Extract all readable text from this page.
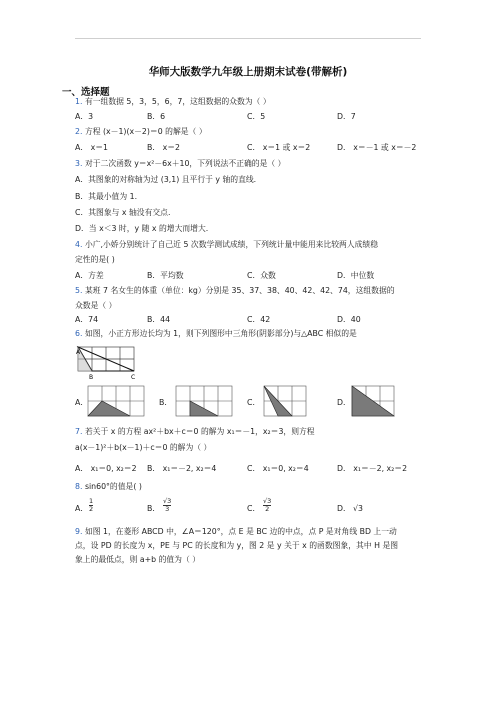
华师大版数学九年级上册期末试卷(带解析)
一、选择题
1. 有一组数据 5，3，5，6，7，这组数据的众数为（ ）
A．3	B．6	C．5	D．7
2. 方程 (x－1)(x－2)＝0 的解是（ ）
A． x＝1	B． x＝2	C． x＝1 或 x＝2	D． x＝－1 或 x＝－2
3. 对于二次函数 y＝x²－6x＋10，下列说法不正确的是（ ）
A．其图象的对称轴为过 (3,1) 且平行于 y 轴的直线.
B．其最小值为 1.
C．其图象与 x 轴没有交点.
D．当 x＜3 时，y 随 x 的增大而增大.
4. 小广,小娇分别统计了自己近 5 次数学测试成绩，下列统计量中能用来比较两人成绩稳
定性的是( )
A．方差	B．平均数	C．众数	D．中位数
5. 某班 7 名女生的体重（单位：kg）分别是 35、37、38、40、42、42、74，这组数据的
众数是（ ）
A．74	B．44	C．42	D．40
6. 如图，小正方形边长均为 1，则下列图形中三角形(阴影部分)与△ABC 相似的是
A
B	C
A．	B．	C．	D．
7. 若关于 x 的方程 ax²＋bx＋c＝0 的解为 x₁＝－1，x₂＝3，则方程
a(x－1)²＋b(x－1)＋c＝0 的解为（ ）
A． x₁＝0, x₂＝2 B． x₁＝－2, x₂＝4	C． x₁＝0, x₂＝4	D． x₁＝－2, x₂＝2
8. sin60°的值是( )
A． $\frac{1}{2}$	B． $\frac{√3}{3}$	C． $\frac{√3}{2}$	D． √3
9. 如图 1，在菱形 ABCD 中，∠A＝120°，点 E 是 BC 边的中点，点 P 是对角线 BD 上一动
点，设 PD 的长度为 x，PE 与 PC 的长度和为 y，图 2 是 y 关于 x 的函数图象，其中 H 是图
象上的最低点，则 a+b 的值为（ ）
